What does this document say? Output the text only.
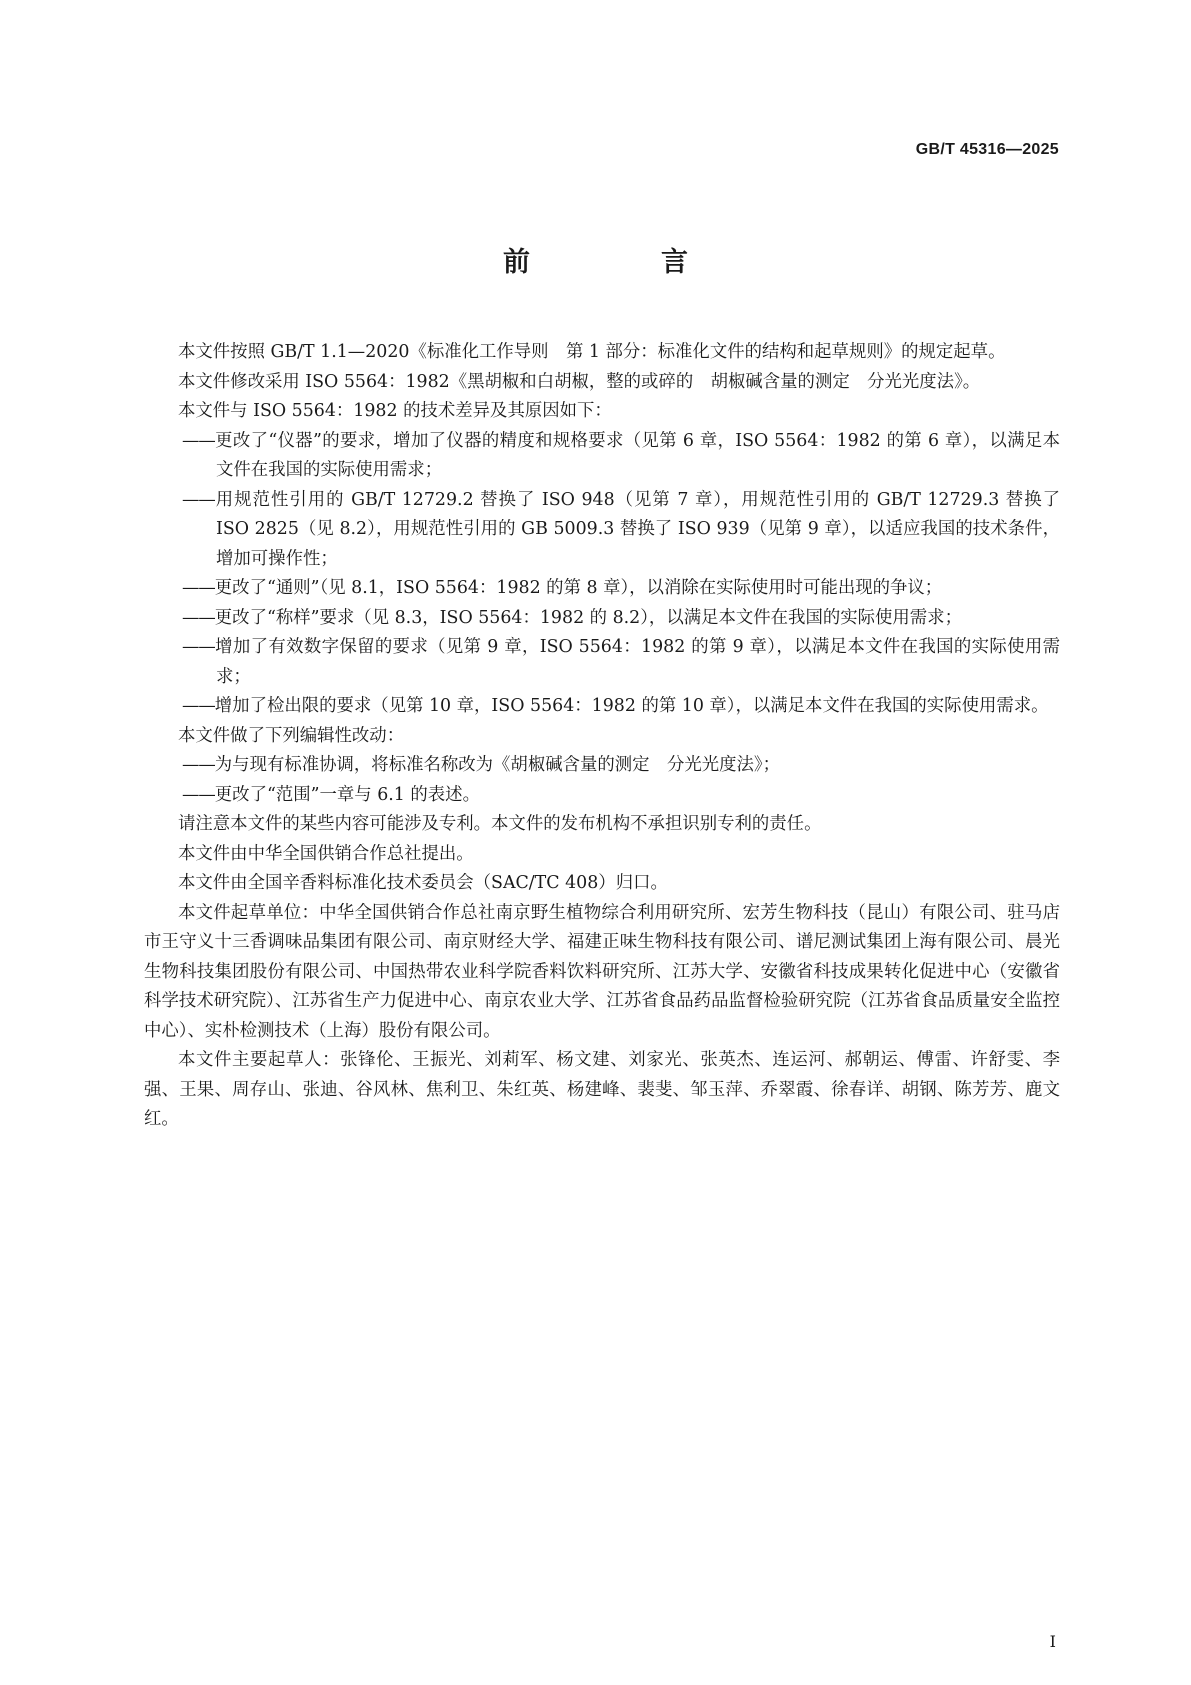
GB/T 45316—2025
前　言

本文件按照 GB/T 1.1—2020《标准化工作导则　第 1 部分：标准化文件的结构和起草规则》的规定起草。

本文件修改采用 ISO 5564：1982《黑胡椒和白胡椒，整的或碎的　胡椒碱含量的测定　分光光度法》。

本文件与 ISO 5564：1982 的技术差异及其原因如下：

——更改了“仪器”的要求，增加了仪器的精度和规格要求（见第 6 章，ISO 5564：1982 的第 6 章），以满足本文件在我国的实际使用需求；

——用规范性引用的 GB/T 12729.2 替换了 ISO 948（见第 7 章），用规范性引用的 GB/T 12729.3 替换了 ISO 2825（见 8.2），用规范性引用的 GB 5009.3 替换了 ISO 939（见第 9 章），以适应我国的技术条件，增加可操作性；

——更改了“通则”（见 8.1，ISO 5564：1982 的第 8 章），以消除在实际使用时可能出现的争议；

——更改了“称样”要求（见 8.3，ISO 5564：1982 的 8.2），以满足本文件在我国的实际使用需求；

——增加了有效数字保留的要求（见第 9 章，ISO 5564：1982 的第 9 章），以满足本文件在我国的实际使用需求；

——增加了检出限的要求（见第 10 章，ISO 5564：1982 的第 10 章），以满足本文件在我国的实际使用需求。

本文件做了下列编辑性改动：

——为与现有标准协调，将标准名称改为《胡椒碱含量的测定　分光光度法》；

——更改了“范围”一章与 6.1 的表述。

请注意本文件的某些内容可能涉及专利。本文件的发布机构不承担识别专利的责任。

本文件由中华全国供销合作总社提出。

本文件由全国辛香料标准化技术委员会（SAC/TC 408）归口。

本文件起草单位：中华全国供销合作总社南京野生植物综合利用研究所、宏芳生物科技（昆山）有限公司、驻马店市王守义十三香调味品集团有限公司、南京财经大学、福建正味生物科技有限公司、谱尼测试集团上海有限公司、晨光生物科技集团股份有限公司、中国热带农业科学院香料饮料研究所、江苏大学、安徽省科技成果转化促进中心（安徽省科学技术研究院）、江苏省生产力促进中心、南京农业大学、江苏省食品药品监督检验研究院（江苏省食品质量安全监控中心）、实朴检测技术（上海）股份有限公司。

本文件主要起草人：张锋伦、王振光、刘莉军、杨文建、刘家光、张英杰、连运河、郝朝运、傅雷、许舒雯、李强、王果、周存山、张迪、谷风林、焦利卫、朱红英、杨建峰、裴斐、邹玉萍、乔翠霞、徐春详、胡钢、陈芳芳、鹿文红。

I
